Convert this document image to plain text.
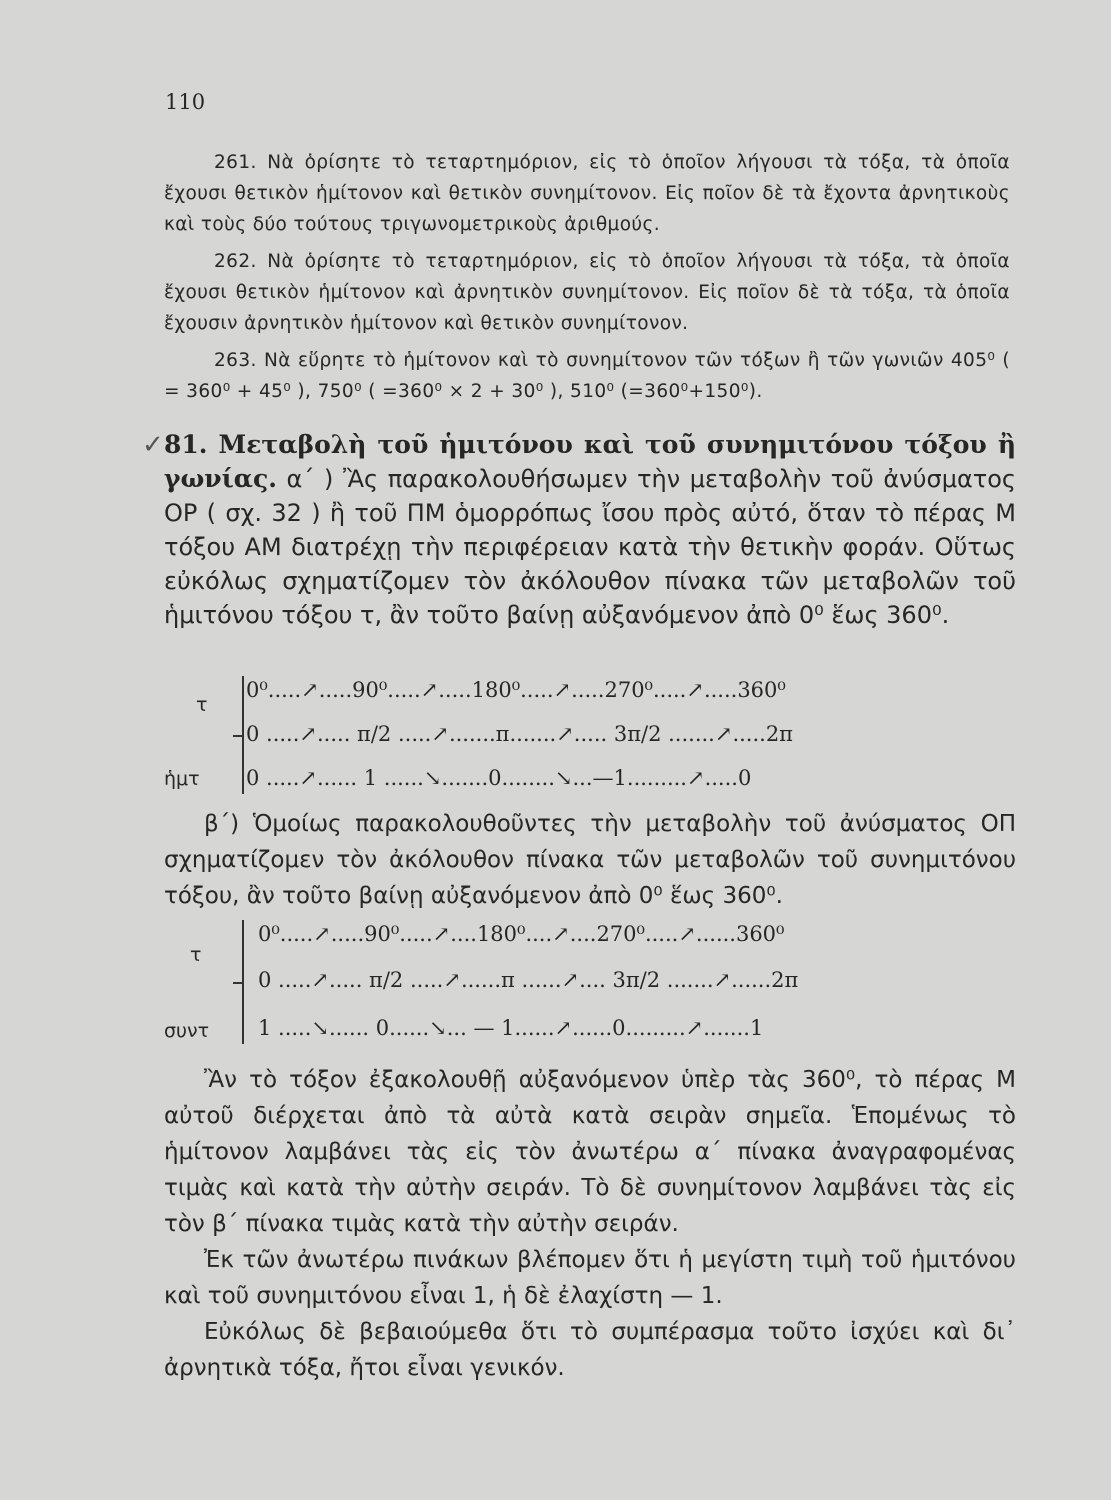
110

261. Νὰ ὁρίσητε τὸ τεταρτημόριον, εἰς τὸ ὁποῖον λήγουσι τὰ τόξα, τὰ ὁποῖα ἔχουσι θετικὸν ἡμίτονον καὶ θετικὸν συνημίτονον. Εἰς ποῖον δὲ τὰ ἔχοντα ἀρνητικοὺς καὶ τοὺς δύο τούτους τριγωνομετρικοὺς ἀριθμούς.

262. Νὰ ὁρίσητε τὸ τεταρτημόριον, εἰς τὸ ὁποῖον λήγουσι τὰ τόξα, τὰ ὁποῖα ἔχουσι θετικὸν ἡμίτονον καὶ ἀρνητικὸν συνημίτονον. Εἰς ποῖον δὲ τὰ τόξα, τὰ ὁποῖα ἔχουσιν ἀρνητικὸν ἡμίτονον καὶ θετικὸν συνημίτονον.

263. Νὰ εὕρητε τὸ ἡμίτονον καὶ τὸ συνημίτονον τῶν τόξων ἢ τῶν γωνιῶν 405⁰ ( = 360⁰ + 45⁰ ), 750⁰ ( =360⁰ × 2 + 30⁰ ), 510⁰ (=360⁰+150⁰).

✓ 81. Μεταβολὴ τοῦ ἡμιτόνου καὶ τοῦ συνημιτόνου τόξου ἢ γωνίας. α΄ ) Ἂς παρακολουθήσωμεν τὴν μεταβολὴν τοῦ ἀνύσματος ΟΡ ( σχ. 32 ) ἢ τοῦ ΠΜ ὁμορρόπως ἴσου πρὸς αὐτό, ὅταν τὸ πέρας Μ τόξου ΑΜ διατρέχῃ τὴν περιφέρειαν κατὰ τὴν θετικὴν φοράν. Οὕτως εὐκόλως σχηματίζομεν τὸν ἀκόλουθον πίνακα τῶν μεταβολῶν τοῦ ἡμιτόνου τόξου τ, ἂν τοῦτο βαίνῃ αὐξανόμενον ἀπὸ 0⁰ ἕως 360⁰.

τ
ἡμτ
0⁰.....↗.....90⁰.....↗.....180⁰.....↗.....270⁰.....↗.....360⁰
0 .....↗..... π/2 .....↗.......π.......↗..... 3π/2 .......↗.....2π
0 .....↗...... 1 ......↘.......0........↘...—1.........↗.....0

β΄) Ὁμοίως παρακολουθοῦντες τὴν μεταβολὴν τοῦ ἀνύσματος ΟΠ σχηματίζομεν τὸν ἀκόλουθον πίνακα τῶν μεταβολῶν τοῦ συνημιτόνου τόξου, ἂν τοῦτο βαίνῃ αὐξανόμενον ἀπὸ 0⁰ ἕως 360⁰.

τ
συντ
0⁰.....↗.....90⁰.....↗....180⁰....↗....270⁰.....↗......360⁰
0 .....↗..... π/2 .....↗......π ......↗.... 3π/2 .......↗......2π
1 .....↘...... 0......↘... — 1......↗......0.........↗.......1

Ἂν τὸ τόξον ἐξακολουθῇ αὐξανόμενον ὑπὲρ τὰς 360⁰, τὸ πέρας Μ αὐτοῦ διέρχεται ἀπὸ τὰ αὐτὰ κατὰ σειρὰν σημεῖα. Ἑπομένως τὸ ἡμίτονον λαμβάνει τὰς εἰς τὸν ἀνωτέρω α΄ πίνακα ἀναγραφομένας τιμὰς καὶ κατὰ τὴν αὐτὴν σειράν. Τὸ δὲ συνημίτονον λαμβάνει τὰς εἰς τὸν β΄ πίνακα τιμὰς κατὰ τὴν αὐτὴν σειράν.

Ἐκ τῶν ἀνωτέρω πινάκων βλέπομεν ὅτι ἡ μεγίστη τιμὴ τοῦ ἡμιτόνου καὶ τοῦ συνημιτόνου εἶναι 1, ἡ δὲ ἐλαχίστη — 1.

Εὐκόλως δὲ βεβαιούμεθα ὅτι τὸ συμπέρασμα τοῦτο ἰσχύει καὶ δι᾽ ἀρνητικὰ τόξα, ἤτοι εἶναι γενικόν.
